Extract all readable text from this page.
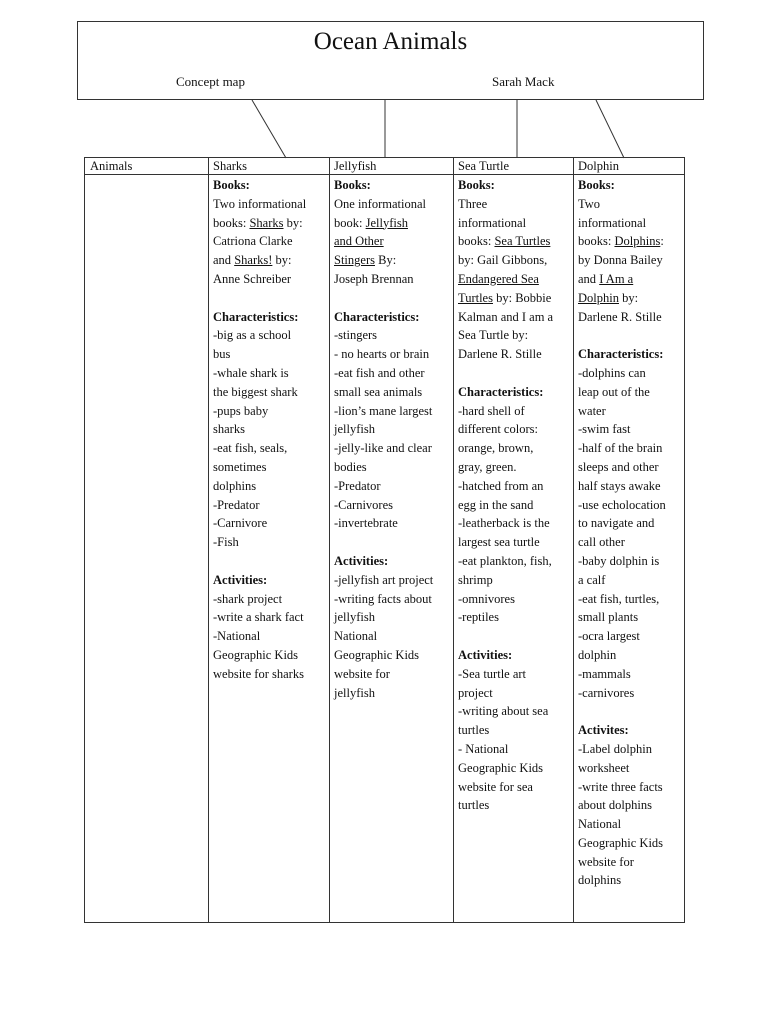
Ocean Animals
Concept map	Sarah Mack
Animals	Sharks
Books:
Two informational
books: Sharks by:
Catriona Clarke
and Sharks! by:
Anne Schreiber
Characteristics:
-big as a school
bus
-whale shark is
the biggest shark
-pups baby
sharks
-eat fish, seals,
sometimes
dolphins
-Predator
-Carnivore
-Fish
Activities:
-shark project
-write a shark fact
-National
Geographic Kids
website for sharks
Jellyfish
Books:
One informational
book: Jellyfish
and Other
Stingers By:
Joseph Brennan
Characteristics:
-stingers
- no hearts or brain
-eat fish and other
small sea animals
-lion’s mane largest
jellyfish
-jelly-like and clear
bodies
-Predator
-Carnivores
-invertebrate
Activities:
-jellyfish art project
-writing facts about
jellyfish
National
Geographic Kids
website for
jellyfish
Sea Turtle
Books:
Three
informational
books: Sea Turtles
by: Gail Gibbons,
Endangered Sea
Turtles by: Bobbie
Kalman and I am a
Sea Turtle by:
Darlene R. Stille
Characteristics:
-hard shell of
different colors:
orange, brown,
gray, green.
-hatched from an
egg in the sand
-leatherback is the
largest sea turtle
-eat plankton, fish,
shrimp
-omnivores
-reptiles
Activities:
-Sea turtle art
project
-writing about sea
turtles
- National
Geographic Kids
website for sea
turtles
Dolphin
Books:
Two
informational
books: Dolphins:
by Donna Bailey
and I Am a
Dolphin by:
Darlene R. Stille
Characteristics:
-dolphins can
leap out of the
water
-swim fast
-half of the brain
sleeps and other
half stays awake
-use echolocation
to navigate and
call other
-baby dolphin is
a calf
-eat fish, turtles,
small plants
-ocra largest
dolphin
-mammals
-carnivores
Activites:
-Label dolphin
worksheet
-write three facts
about dolphins
National
Geographic Kids
website for
dolphins
